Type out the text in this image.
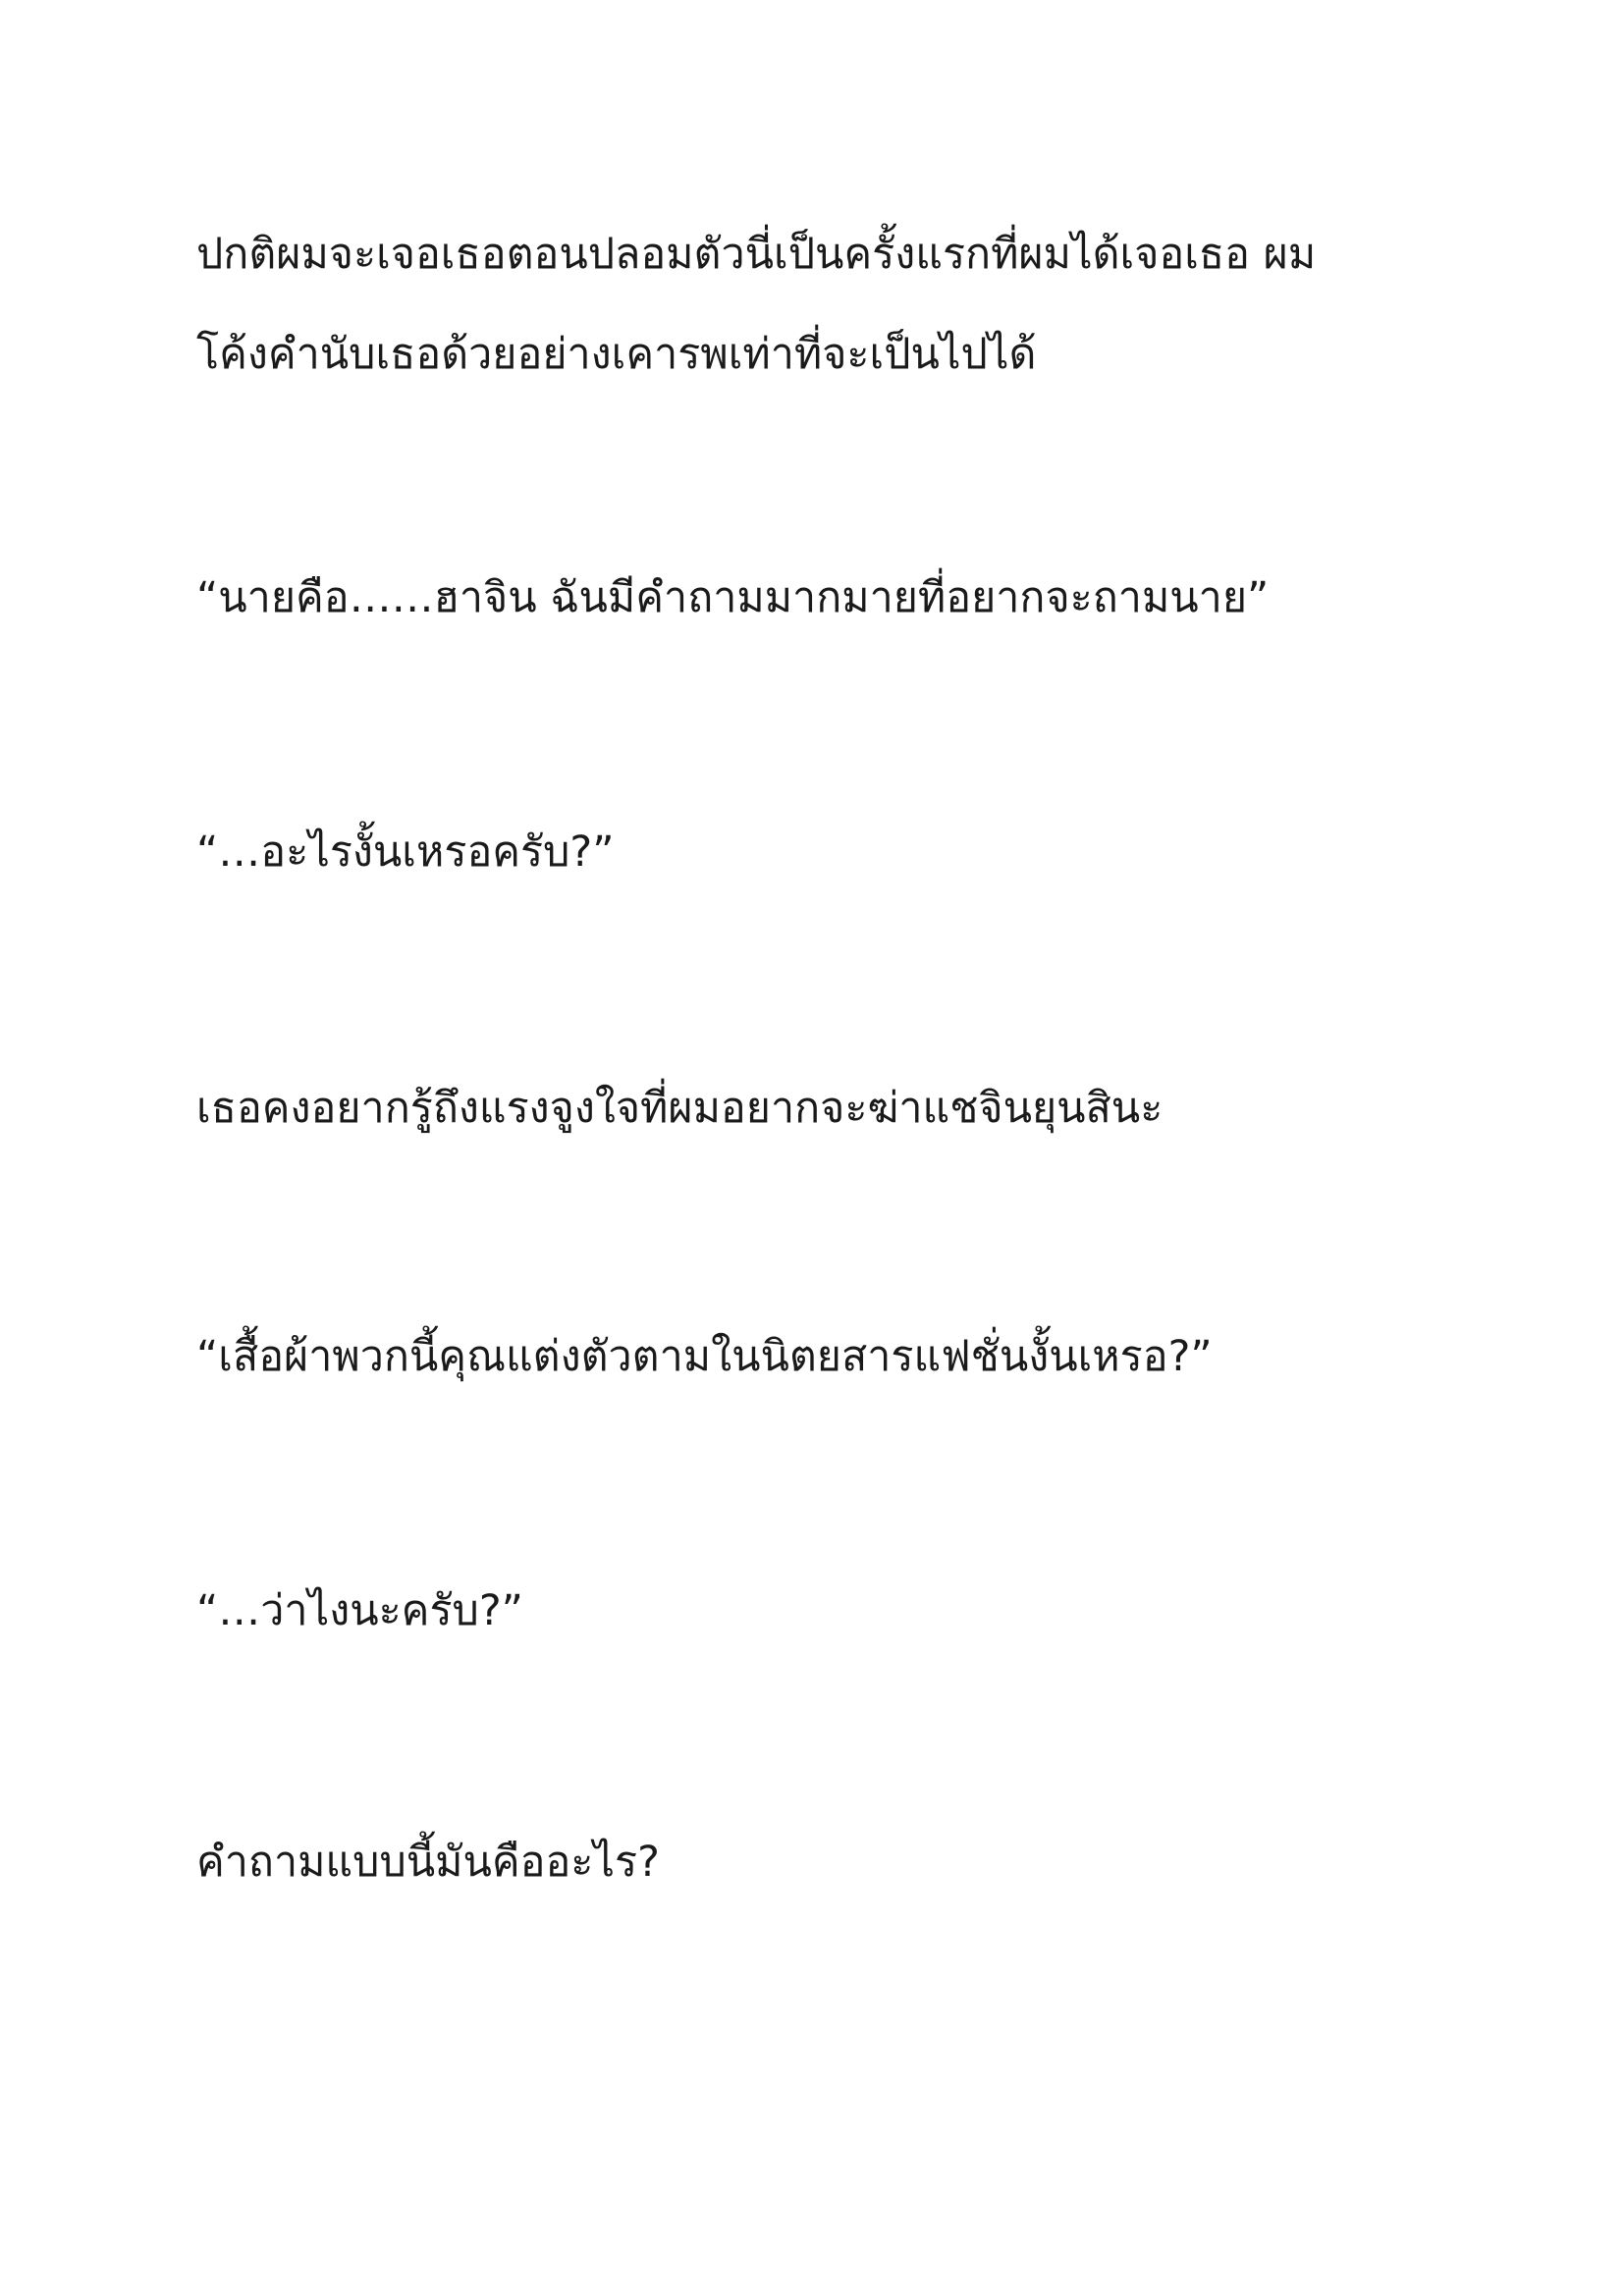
ปกติผมจะเจอเธอตอนปลอมตัวนี่เป็นครั้งแรกที่ผมได้เจอเธอ ผม
โค้งคำนับเธอด้วยอย่างเคารพเท่าที่จะเป็นไปได้

“นายคือ……ฮาจิน ฉันมีคำถามมากมายที่อยากจะถามนาย”

“…อะไรงั้นเหรอครับ?”

เธอคงอยากรู้ถึงแรงจูงใจที่ผมอยากจะฆ่าแชจินยุนสินะ

“เสื้อผ้าพวกนี้คุณแต่งตัวตามในนิตยสารแฟชั่นงั้นเหรอ?”

“…ว่าไงนะครับ?”

คำถามแบบนี้มันคืออะไร?
